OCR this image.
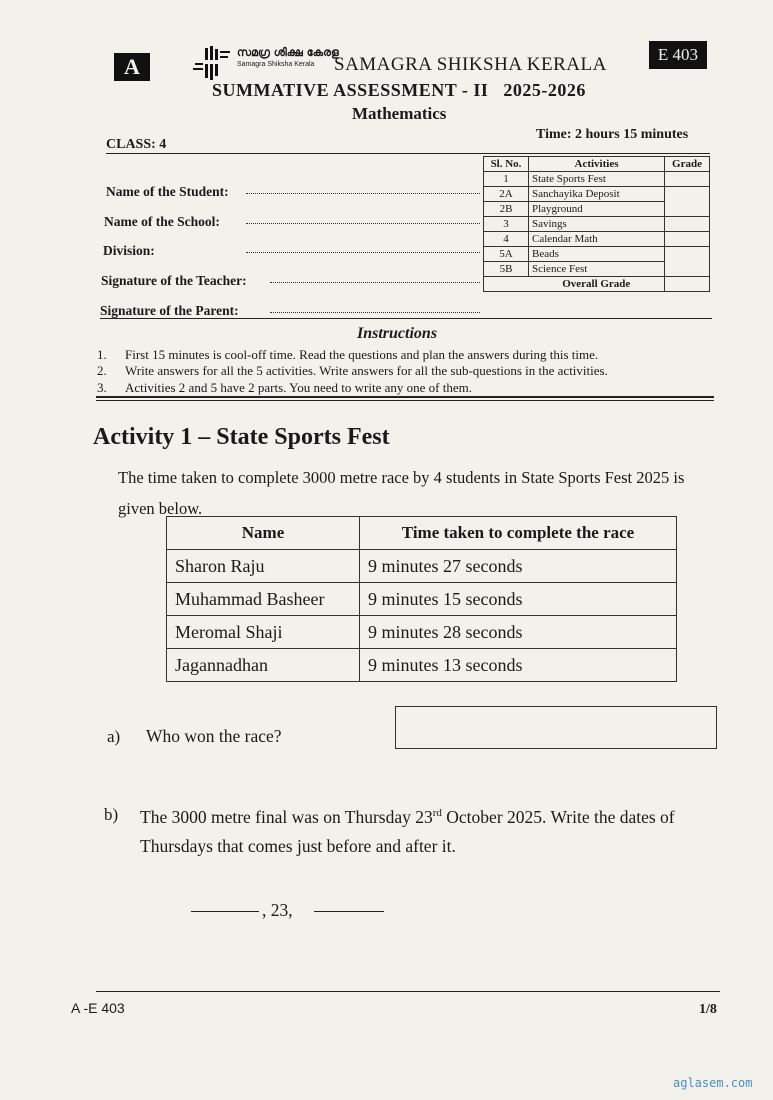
A
സമഗ്ര ശിക്ഷ കേരള
Samagra Shiksha Kerala SAMAGRA SHIKSHA KERALA	E 403
SUMMATIVE ASSESSMENT - II   2025-2026
Mathematics
CLASS: 4
Time: 2 hours 15 minutes
Name of the Student:
Name of the School:
Division:
Signature of the Teacher:
Signature of the Parent:
Sl. No.	Activities	Grade
1	State Sports Fest	
2A	Sanchayika Deposit	
2B	Playground	
3	Savings	
4	Calendar Math	
5A	Beads	
5B	Science Fest	
	Overall Grade	
Instructions
1. First 15 minutes is cool-off time. Read the questions and plan the answers during this time.
2. Write answers for all the 5 activities. Write answers for all the sub-questions in the activities.
3. Activities 2 and 5 have 2 parts. You need to write any one of them.
Activity 1 – State Sports Fest
The time taken to complete 3000 metre race by 4 students in State Sports Fest 2025 is given below.
Name	Time taken to complete the race
Sharon Raju	9 minutes 27 seconds
Muhammad Basheer	9 minutes 15 seconds
Meromal Shaji	9 minutes 28 seconds
Jagannadhan	9 minutes 13 seconds
a) Who won the race?
b) The 3000 metre final was on Thursday 23rd October 2025. Write the dates of Thursdays that comes just before and after it.
, 23,
A -E 403	1/8
aglasem.com
